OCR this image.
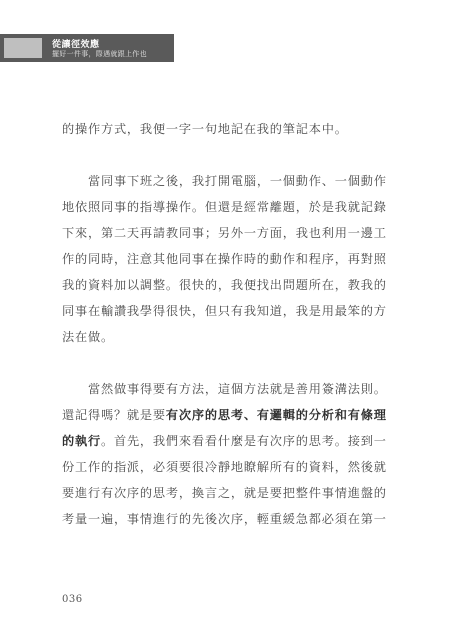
從讓徑效應
擺好一件事，際遇就跟上作也
的操作方式，我便一字一句地記在我的筆記本中。
當同事下班之後，我打開電腦，一個動作、一個動作
地依照同事的指導操作。但還是經常離題，於是我就記錄
下來，第二天再請教同事；另外一方面，我也利用一邊工
作的同時，注意其他同事在操作時的動作和程序，再對照
我的資料加以調整。很快的，我便找出問題所在，教我的
同事在輸讚我學得很快，但只有我知道，我是用最笨的方
法在做。
當然做事得要有方法，這個方法就是善用簽溝法則。
還記得嗎？就是要有次序的思考、有邏輯的分析和有條理
的執行。首先，我們來看看什麼是有次序的思考。接到一
份工作的指派，必須要很冷靜地瞭解所有的資料，然後就
要進行有次序的思考，換言之，就是要把整件事情進盤的
考量一遍，事情進行的先後次序，輕重緩急都必須在第一
036
